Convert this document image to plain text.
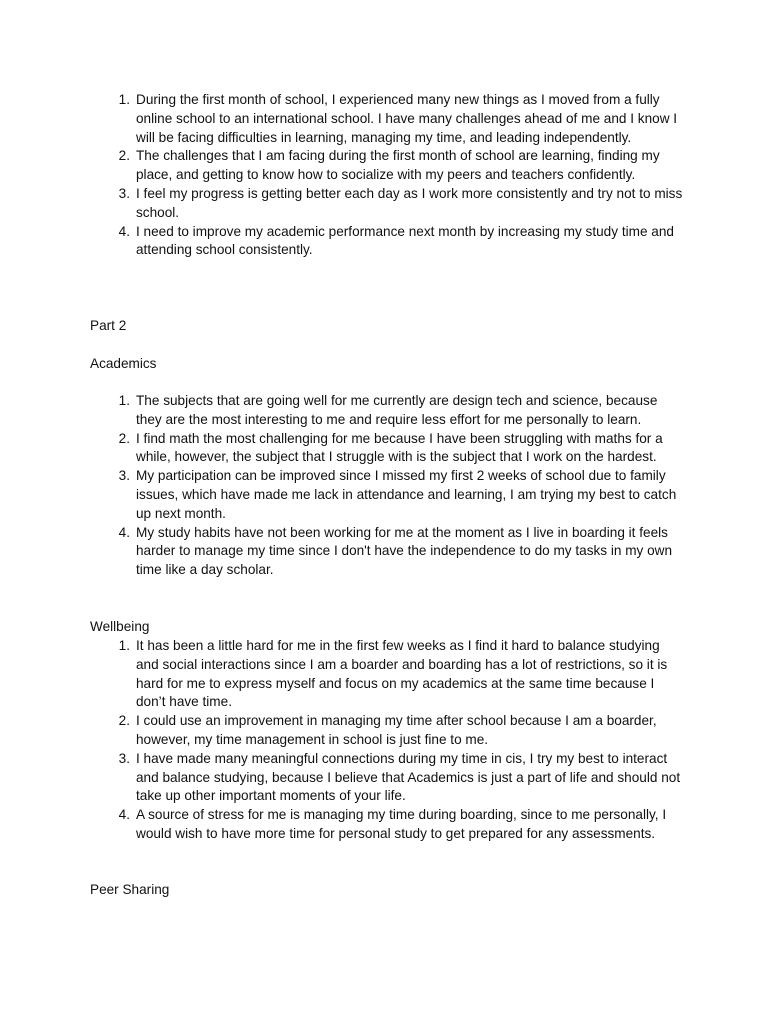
1. During the first month of school, I experienced many new things as I moved from a fully online school to an international school. I have many challenges ahead of me and I know I will be facing difficulties in learning, managing my time, and leading independently.
2. The challenges that I am facing during the first month of school are learning, finding my place, and getting to know how to socialize with my peers and teachers confidently.
3. I feel my progress is getting better each day as I work more consistently and try not to miss school.
4. I need to improve my academic performance next month by increasing my study time and attending school consistently.
Part 2
Academics
1. The subjects that are going well for me currently are design tech and science, because they are the most interesting to me and require less effort for me personally to learn.
2. I find math the most challenging for me because I have been struggling with maths for a while, however, the subject that I struggle with is the subject that I work on the hardest.
3. My participation can be improved since I missed my first 2 weeks of school due to family issues, which have made me lack in attendance and learning, I am trying my best to catch up next month.
4. My study habits have not been working for me at the moment as I live in boarding it feels harder to manage my time since I don't have the independence to do my tasks in my own time like a day scholar.
Wellbeing
1. It has been a little hard for me in the first few weeks as I find it hard to balance studying and social interactions since I am a boarder and boarding has a lot of restrictions, so it is hard for me to express myself and focus on my academics at the same time because I don’t have time.
2. I could use an improvement in managing my time after school because I am a boarder, however, my time management in school is just fine to me.
3. I have made many meaningful connections during my time in cis, I try my best to interact and balance studying, because I believe that Academics is just a part of life and should not take up other important moments of your life.
4. A source of stress for me is managing my time during boarding, since to me personally, I would wish to have more time for personal study to get prepared for any assessments.
Peer Sharing
